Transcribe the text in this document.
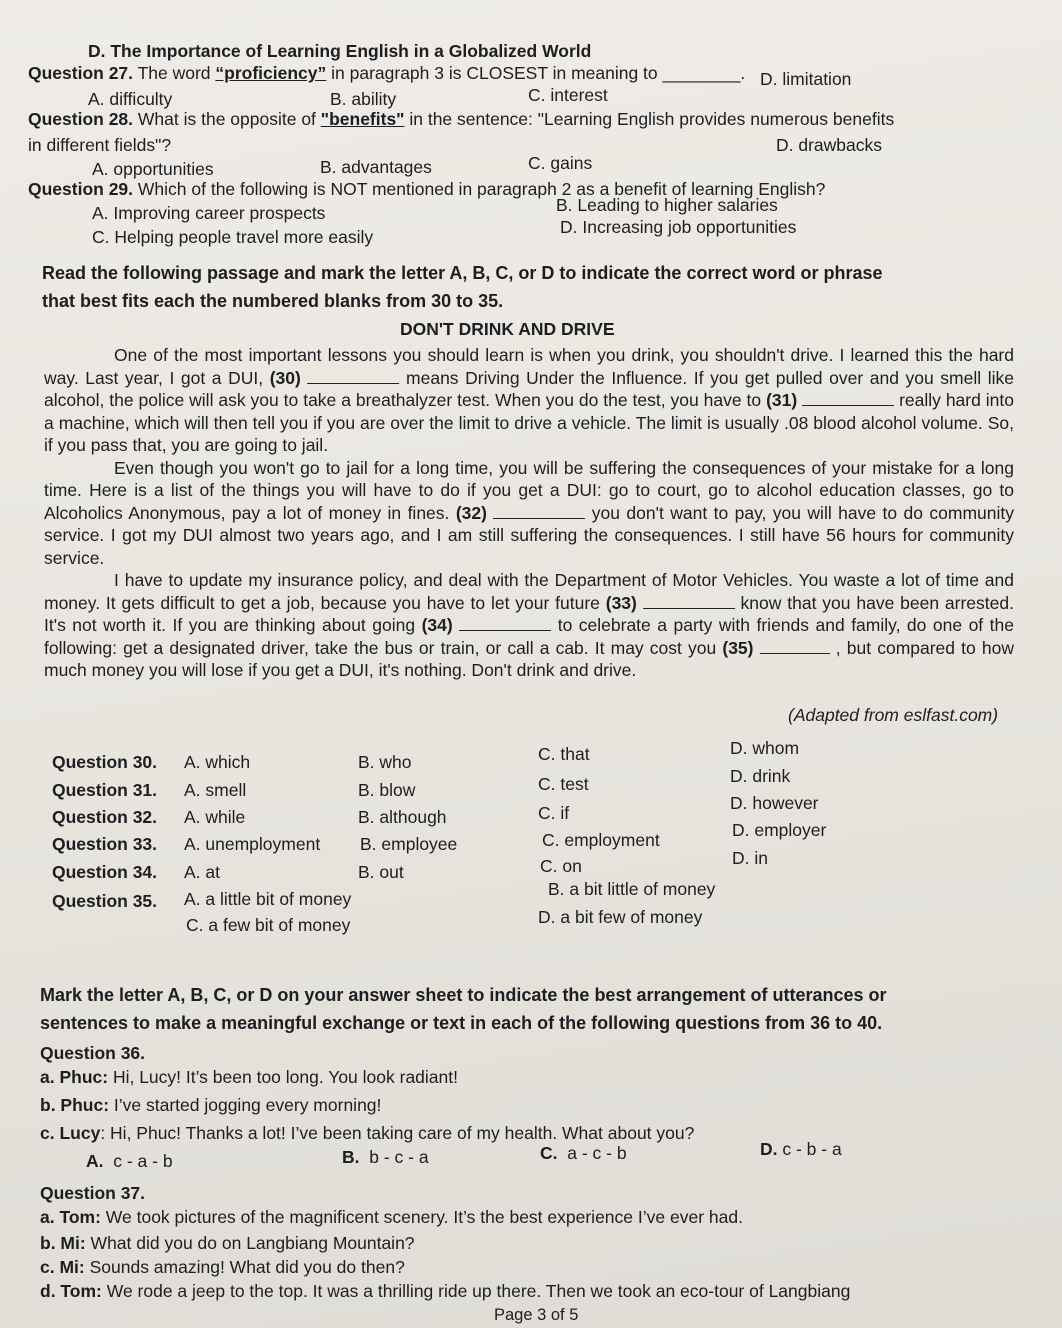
D. The Importance of Learning English in a Globalized World
Question 27. The word “proficiency” in paragraph 3 is CLOSEST in meaning to ________.
A. difficulty	B. ability	C. interest
D. limitation
Question 28. What is the opposite of "benefits" in the sentence: "Learning English provides numerous benefits
in different fields"?
A. opportunities	B. advantages	C. gains
D. drawbacks
Question 29. Which of the following is NOT mentioned in paragraph 2 as a benefit of learning English?
A. Improving career prospects	B. Leading to higher salaries
C. Helping people travel more easily	D. Increasing job opportunities
Read the following passage and mark the letter A, B, C, or D to indicate the correct word or phrase
that best fits each the numbered blanks from 30 to 35.
DON'T DRINK AND DRIVE

One of the most important lessons you should learn is when you drink, you shouldn't drive. I learned this the hard way. Last year, I got a DUI, (30)	means Driving Under the Influence. If you get pulled over and you smell like alcohol, the police will ask you to take a breathalyzer test. When you do the test, you have to (31)	really hard into a machine, which will then tell you if you are over the limit to drive a vehicle. The limit is usually .08 blood alcohol volume. So, if you pass that, you are going to jail.

Even though you won't go to jail for a long time, you will be suffering the consequences of your mistake for a long time. Here is a list of the things you will have to do if you get a DUI: go to court, go to alcohol education classes, go to Alcoholics Anonymous, pay a lot of money in fines. (32)	you don't want to pay, you will have to do community service. I got my DUI almost two years ago, and I am still suffering the consequences. I still have 56 hours for community service.

I have to update my insurance policy, and deal with the Department of Motor Vehicles. You waste a lot of time and money. It gets difficult to get a job, because you have to let your future (33)	know that you have been arrested. It's not worth it. If you are thinking about going (34)	to celebrate a party with friends and family, do one of the following: get a designated driver, take the bus or train, or call a cab. It may cost you (35)	, but compared to how much money you will lose if you get a DUI, it's nothing. Don't drink and drive.

(Adapted from eslfast.com)
Question 30. A. which	B. who	C. that	D. whom
Question 31. A. smell	B. blow	C. test	D. drink
Question 32. A. while	B. although	C. if	D. however
Question 33. A. unemployment B. employee	C. employment	D. employer
Question 34. A. at	B. out	C. on	D. in
Question 35. A. a little bit of money	B. a bit little of money
C. a few bit of money	D. a bit few of money
Mark the letter A, B, C, or D on your answer sheet to indicate the best arrangement of utterances or
sentences to make a meaningful exchange or text in each of the following questions from 36 to 40.
Question 36.
a. Phuc: Hi, Lucy! It’s been too long. You look radiant!
b. Phuc: I’ve started jogging every morning!
c. Lucy: Hi, Phuc! Thanks a lot! I’ve been taking care of my health. What about you?
A. c - a - b	B. b - c - a	C. a - c - b	D. c - b - a
Question 37.
a. Tom: We took pictures of the magnificent scenery. It’s the best experience I’ve ever had.
b. Mi: What did you do on Langbiang Mountain?
c. Mi: Sounds amazing! What did you do then?
d. Tom: We rode a jeep to the top. It was a thrilling ride up there. Then we took an eco-tour of Langbiang
Page 3 of 5
